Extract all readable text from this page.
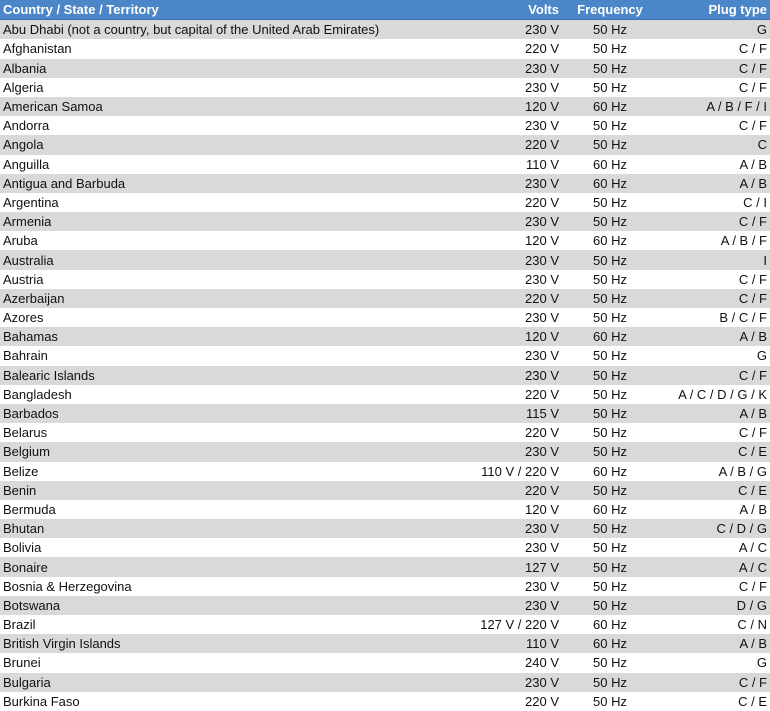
Country / State / Territory	Volts	Frequency	Plug type
Abu Dhabi (not a country, but capital of the United Arab Emirates)	230 V	50 Hz	G
Afghanistan	220 V	50 Hz	C / F
Albania	230 V	50 Hz	C / F
Algeria	230 V	50 Hz	C / F
American Samoa	120 V	60 Hz	A / B / F / I
Andorra	230 V	50 Hz	C / F
Angola	220 V	50 Hz	C
Anguilla	110 V	60 Hz	A / B
Antigua and Barbuda	230 V	60 Hz	A / B
Argentina	220 V	50 Hz	C / I
Armenia	230 V	50 Hz	C / F
Aruba	120 V	60 Hz	A / B / F
Australia	230 V	50 Hz	I
Austria	230 V	50 Hz	C / F
Azerbaijan	220 V	50 Hz	C / F
Azores	230 V	50 Hz	B / C / F
Bahamas	120 V	60 Hz	A / B
Bahrain	230 V	50 Hz	G
Balearic Islands	230 V	50 Hz	C / F
Bangladesh	220 V	50 Hz	A / C / D / G / K
Barbados	115 V	50 Hz	A / B
Belarus	220 V	50 Hz	C / F
Belgium	230 V	50 Hz	C / E
Belize	110 V / 220 V	60 Hz	A / B / G
Benin	220 V	50 Hz	C / E
Bermuda	120 V	60 Hz	A / B
Bhutan	230 V	50 Hz	C / D / G
Bolivia	230 V	50 Hz	A / C
Bonaire	127 V	50 Hz	A / C
Bosnia & Herzegovina	230 V	50 Hz	C / F
Botswana	230 V	50 Hz	D / G
Brazil	127 V / 220 V	60 Hz	C / N
British Virgin Islands	110 V	60 Hz	A / B
Brunei	240 V	50 Hz	G
Bulgaria	230 V	50 Hz	C / F
Burkina Faso	220 V	50 Hz	C / E
